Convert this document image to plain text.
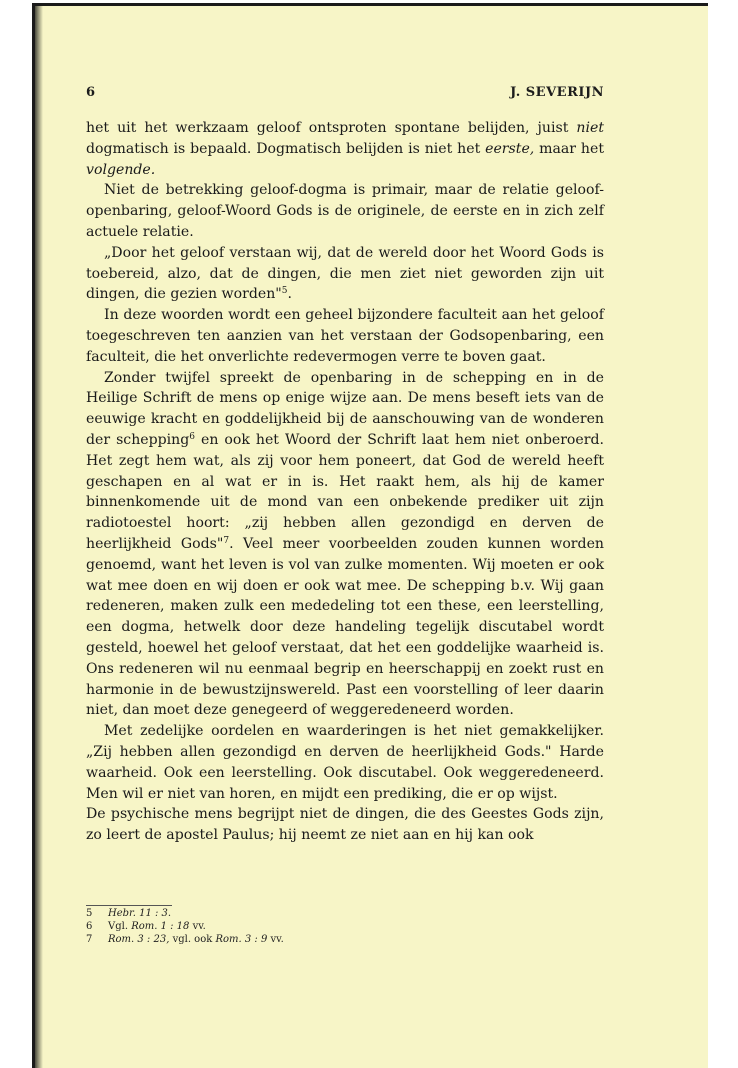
6	J. SEVERIJN

het uit het werkzaam geloof ontsproten spontane belijden, juist niet dogmatisch is bepaald. Dogmatisch belijden is niet het eerste, maar het volgende.

Niet de betrekking geloof-dogma is primair, maar de relatie geloof-openbaring, geloof-Woord Gods is de originele, de eerste en in zich zelf actuele relatie.

„Door het geloof verstaan wij, dat de wereld door het Woord Gods is toebereid, alzo, dat de dingen, die men ziet niet geworden zijn uit dingen, die gezien worden"$^5$.

In deze woorden wordt een geheel bijzondere faculteit aan het geloof toegeschreven ten aanzien van het verstaan der Godsopenbaring, een faculteit, die het onverlichte redevermogen verre te boven gaat.

Zonder twijfel spreekt de openbaring in de schepping en in de Heilige Schrift de mens op enige wijze aan. De mens beseft iets van de eeuwige kracht en goddelijkheid bij de aanschouwing van de wonderen der schepping$^6$ en ook het Woord der Schrift laat hem niet onberoerd. Het zegt hem wat, als zij voor hem poneert, dat God de wereld heeft geschapen en al wat er in is. Het raakt hem, als hij de kamer binnenkomende uit de mond van een onbekende prediker uit zijn radiotoestel hoort: „zij hebben allen gezondigd en derven de heerlijkheid Gods"$^7$. Veel meer voorbeelden zouden kunnen worden genoemd, want het leven is vol van zulke momenten. Wij moeten er ook wat mee doen en wij doen er ook wat mee. De schepping b.v. Wij gaan redeneren, maken zulk een mededeling tot een these, een leerstelling, een dogma, hetwelk door deze handeling tegelijk discutabel wordt gesteld, hoewel het geloof verstaat, dat het een goddelijke waarheid is. Ons redeneren wil nu eenmaal begrip en heerschappij en zoekt rust en harmonie in de bewustzijnswereld. Past een voorstelling of leer daarin niet, dan moet deze genegeerd of weggeredeneerd worden.

Met zedelijke oordelen en waarderingen is het niet gemakkelijker. „Zij hebben allen gezondigd en derven de heerlijkheid Gods." Harde waarheid. Ook een leerstelling. Ook discutabel. Ook weggeredeneerd. Men wil er niet van horen, en mijdt een prediking, die er op wijst.

De psychische mens begrijpt niet de dingen, die des Geestes Gods zijn, zo leert de apostel Paulus; hij neemt ze niet aan en hij kan ook

5 Hebr. 11 : 3.
6 Vgl. Rom. 1 : 18 vv.
7 Rom. 3 : 23, vgl. ook Rom. 3 : 9 vv.
